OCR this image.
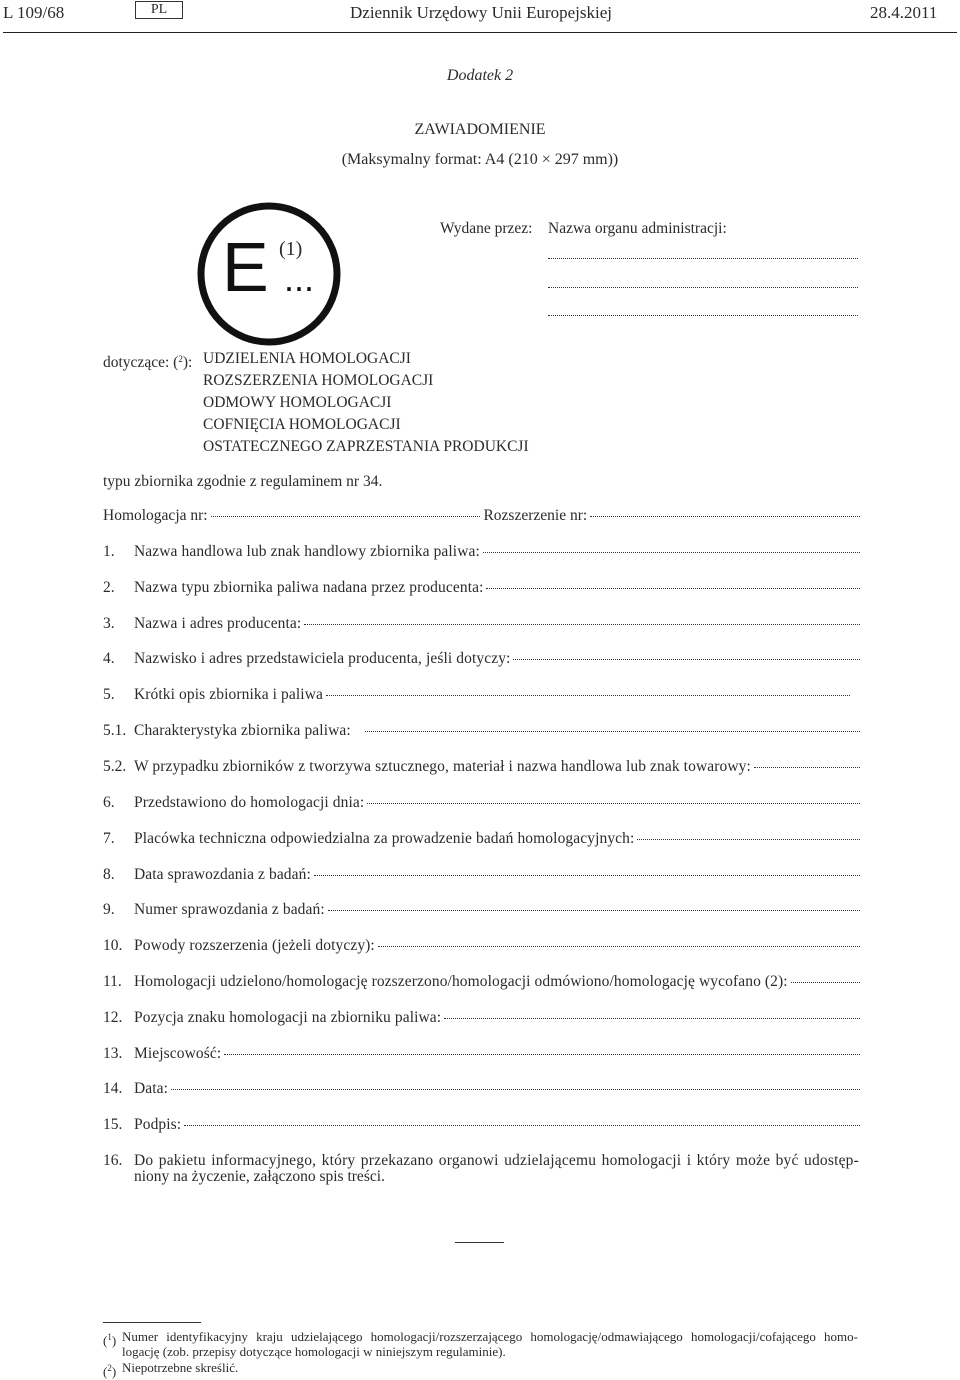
L 109/68	PL	Dziennik Urzędowy Unii Europejskiej	28.4.2011
Dodatek 2
ZAWIADOMIENIE
(Maksymalny format: A4 (210 × 297 mm))
E (1)
...
Wydane przez: Nazwa organu administracji:
dotyczące: ($^2$): UDZIELENIA HOMOLOGACJI
ROZSZERZENIA HOMOLOGACJI
ODMOWY HOMOLOGACJI
COFNIĘCIA HOMOLOGACJI
OSTATECZNEGO ZAPRZESTANIA PRODUKCJI
typu zbiornika zgodnie z regulaminem nr 34.
Homologacja nr:	Rozszerzenie nr:
1.	Nazwa handlowa lub znak handlowy zbiornika paliwa:
2.	Nazwa typu zbiornika paliwa nadana przez producenta:
3.	Nazwa i adres producenta:
4.	Nazwisko i adres przedstawiciela producenta, jeśli dotyczy:
5.	Krótki opis zbiornika i paliwa
5.1. Charakterystyka zbiornika paliwa:
5.2. W przypadku zbiorników z tworzywa sztucznego, materiał i nazwa handlowa lub znak towarowy:
6.	Przedstawiono do homologacji dnia:
7.	Placówka techniczna odpowiedzialna za prowadzenie badań homologacyjnych:
8.	Data sprawozdania z badań:
9.	Numer sprawozdania z badań:
10. Powody rozszerzenia (jeżeli dotyczy):
11. Homologacji udzielono/homologację rozszerzono/homologacji odmówiono/homologację wycofano (2):
12. Pozycja znaku homologacji na zbiorniku paliwa:
13. Miejscowość:
14. Data:
15. Podpis:
16. Do pakietu informacyjnego, który przekazano organowi udzielającemu homologacji i który może być udostęp-
niony na życzenie, załączono spis treści.
($^1$) Numer identyfikacyjny kraju udzielającego homologacji/rozszerzającego homologację/odmawiającego homologacji/cofającego homo-
logację (zob. przepisy dotyczące homologacji w niniejszym regulaminie).
($^2$) Niepotrzebne skreślić.
